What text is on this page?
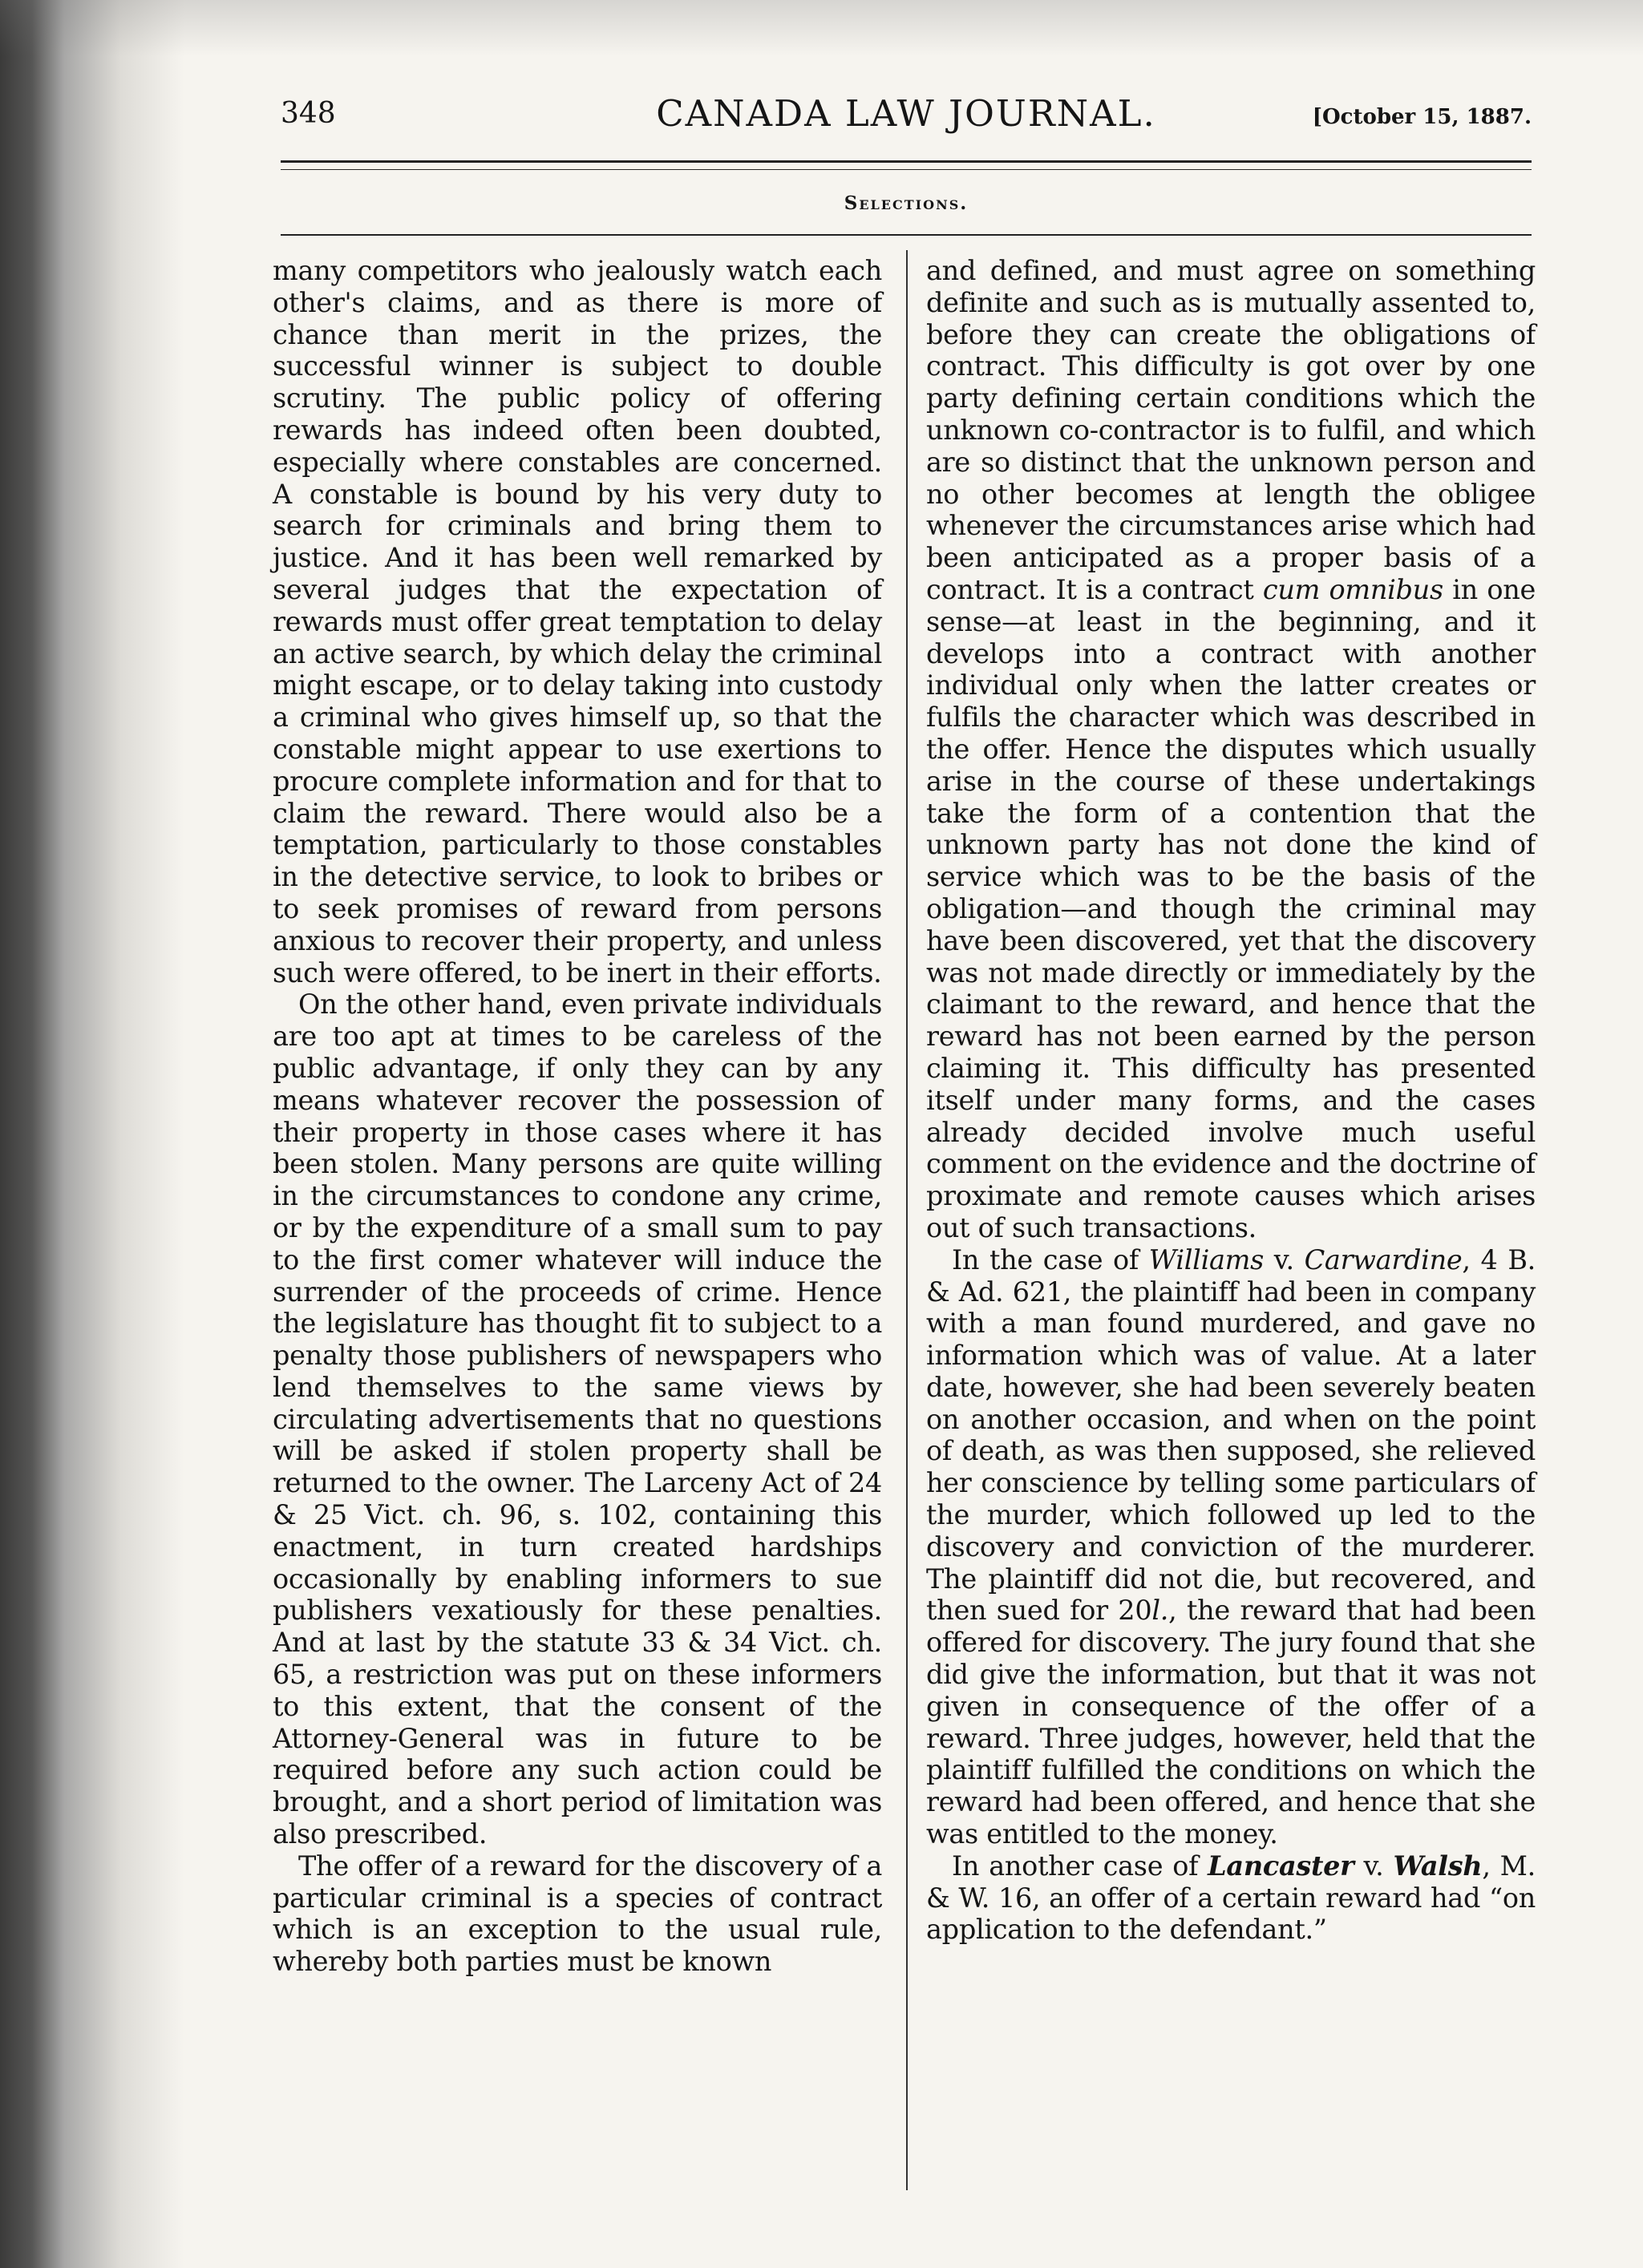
348	CANADA LAW JOURNAL.	[October 15, 1887.
Selections.

many competitors who jealously watch each other's claims, and as there is more of chance than merit in the prizes, the successful winner is subject to double scrutiny. The public policy of offering rewards has indeed often been doubted, especially where constables are concerned. A constable is bound by his very duty to search for criminals and bring them to justice. And it has been well remarked by several judges that the expectation of rewards must offer great temptation to delay an active search, by which delay the criminal might escape, or to delay taking into custody a criminal who gives himself up, so that the constable might appear to use exertions to procure complete information and for that to claim the reward. There would also be a temptation, particularly to those constables in the detective service, to look to bribes or to seek promises of reward from persons anxious to recover their property, and unless such were offered, to be inert in their efforts.

On the other hand, even private individuals are too apt at times to be careless of the public advantage, if only they can by any means whatever recover the possession of their property in those cases where it has been stolen. Many persons are quite willing in the circumstances to condone any crime, or by the expenditure of a small sum to pay to the first comer whatever will induce the surrender of the proceeds of crime. Hence the legislature has thought fit to subject to a penalty those publishers of newspapers who lend themselves to the same views by circulating advertisements that no questions will be asked if stolen property shall be returned to the owner. The Larceny Act of 24 & 25 Vict. ch. 96, s. 102, containing this enactment, in turn created hardships occasionally by enabling informers to sue publishers vexatiously for these penalties. And at last by the statute 33 & 34 Vict. ch. 65, a restriction was put on these informers to this extent, that the consent of the Attorney-General was in future to be required before any such action could be brought, and a short period of limitation was also prescribed.

The offer of a reward for the discovery of a particular criminal is a species of contract which is an exception to the usual rule, whereby both parties must be known

and defined, and must agree on something definite and such as is mutually assented to, before they can create the obligations of contract. This difficulty is got over by one party defining certain conditions which the unknown co-contractor is to fulfil, and which are so distinct that the unknown person and no other becomes at length the obligee whenever the circumstances arise which had been anticipated as a proper basis of a contract. It is a contract cum omnibus in one sense—at least in the beginning, and it develops into a contract with another individual only when the latter creates or fulfils the character which was described in the offer. Hence the disputes which usually arise in the course of these undertakings take the form of a contention that the unknown party has not done the kind of service which was to be the basis of the obligation—and though the criminal may have been discovered, yet that the discovery was not made directly or immediately by the claimant to the reward, and hence that the reward has not been earned by the person claiming it. This difficulty has presented itself under many forms, and the cases already decided involve much useful comment on the evidence and the doctrine of proximate and remote causes which arises out of such transactions.

In the case of Williams v. Carwardine, 4 B. & Ad. 621, the plaintiff had been in company with a man found murdered, and gave no information which was of value. At a later date, however, she had been severely beaten on another occasion, and when on the point of death, as was then supposed, she relieved her conscience by telling some particulars of the murder, which followed up led to the discovery and conviction of the murderer. The plaintiff did not die, but recovered, and then sued for 20l., the reward that had been offered for discovery. The jury found that she did give the information, but that it was not given in consequence of the offer of a reward. Three judges, however, held that the plaintiff fulfilled the conditions on which the reward had been offered, and hence that she was entitled to the money.

In another case of Lancaster v. Walsh, M. & W. 16, an offer of a certain reward had “on application to the defendant.”
